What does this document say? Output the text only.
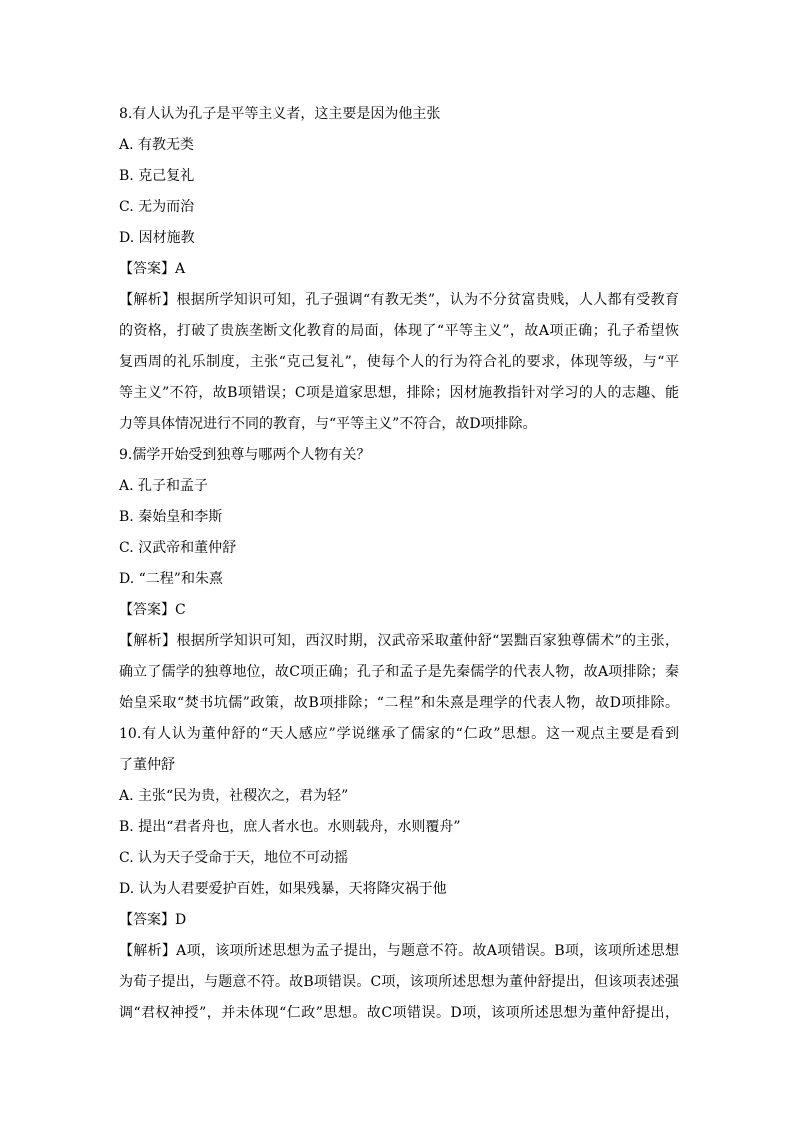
8.有人认为孔子是平等主义者，这主要是因为他主张
A. 有教无类
B. 克己复礼
C. 无为而治
D. 因材施教
【答案】A
【解析】根据所学知识可知，孔子强调“有教无类”，认为不分贫富贵贱，人人都有受教育
的资格，打破了贵族垄断文化教育的局面，体现了“平等主义”，故A项正确；孔子希望恢
复西周的礼乐制度，主张“克己复礼”，使每个人的行为符合礼的要求，体现等级，与“平
等主义”不符，故B项错误；C项是道家思想，排除；因材施教指针对学习的人的志趣、能
力等具体情况进行不同的教育，与“平等主义”不符合，故D项排除。
9.儒学开始受到独尊与哪两个人物有关？
A. 孔子和孟子
B. 秦始皇和李斯
C. 汉武帝和董仲舒
D. “二程”和朱熹
【答案】C
【解析】根据所学知识可知，西汉时期，汉武帝采取董仲舒“罢黜百家独尊儒术”的主张，
确立了儒学的独尊地位，故C项正确；孔子和孟子是先秦儒学的代表人物，故A项排除；秦
始皇采取“焚书坑儒”政策，故B项排除；“二程”和朱熹是理学的代表人物，故D项排除。
10.有人认为董仲舒的“天人感应”学说继承了儒家的“仁政”思想。这一观点主要是看到
了董仲舒
A. 主张“民为贵，社稷次之，君为轻”
B. 提出“君者舟也，庶人者水也。水则载舟，水则覆舟”
C. 认为天子受命于天，地位不可动摇
D. 认为人君要爱护百姓，如果残暴，天将降灾祸于他
【答案】D
【解析】A项，该项所述思想为孟子提出，与题意不符。故A项错误。B项，该项所述思想
为荀子提出，与题意不符。故B项错误。C项，该项所述思想为董仲舒提出，但该项表述强
调“君权神授”，并未体现“仁政”思想。故C项错误。D项，该项所述思想为董仲舒提出，
